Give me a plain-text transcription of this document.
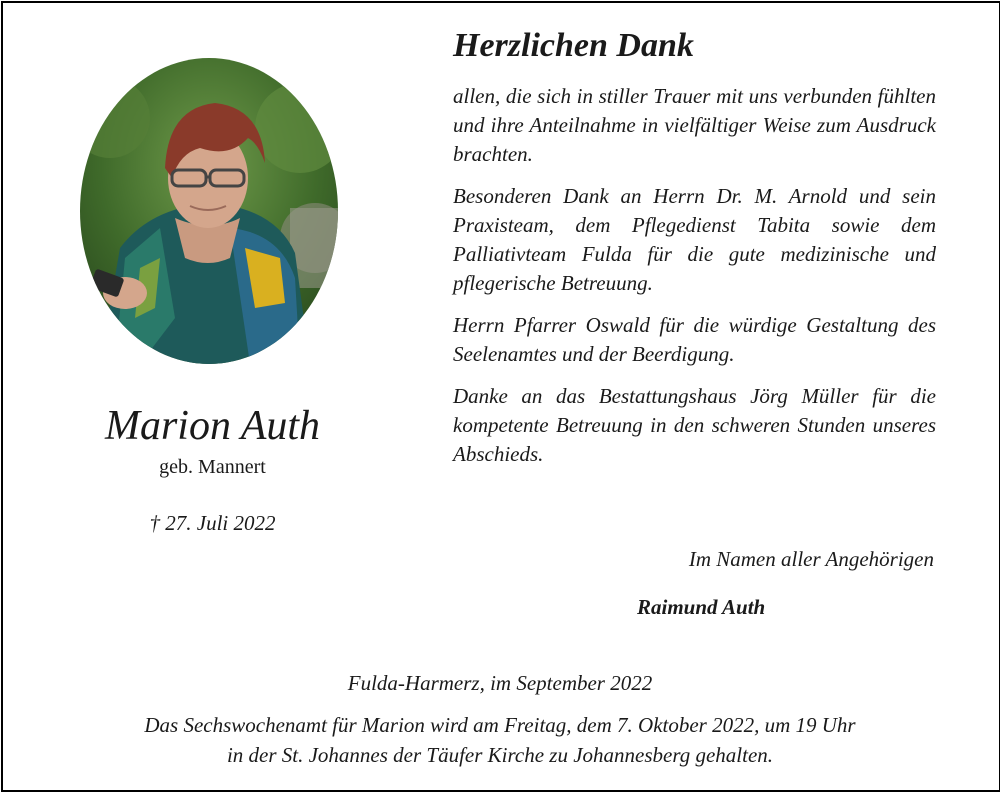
Marion Auth
geb. Mannert
† 27. Juli 2022
Herzlichen Dank
allen, die sich in stiller Trauer mit uns verbunden fühlten und ihre Anteilnahme in vielfältiger Weise zum Ausdruck brachten.
Besonderen Dank an Herrn Dr. M. Arnold und sein Praxisteam, dem Pflegedienst Tabita sowie dem Palliativteam Fulda für die gute medizinische und pflegerische Betreuung.
Herrn Pfarrer Oswald für die würdige Gestaltung des Seelenamtes und der Beerdigung.
Danke an das Bestattungshaus Jörg Müller für die kompetente Betreuung in den schweren Stunden unseres Abschieds.
Im Namen aller Angehörigen
Raimund Auth
Fulda-Harmerz, im September 2022
Das Sechswochenamt für Marion wird am Freitag, dem 7. Oktober 2022, um 19 Uhr
in der St. Johannes der Täufer Kirche zu Johannesberg gehalten.
